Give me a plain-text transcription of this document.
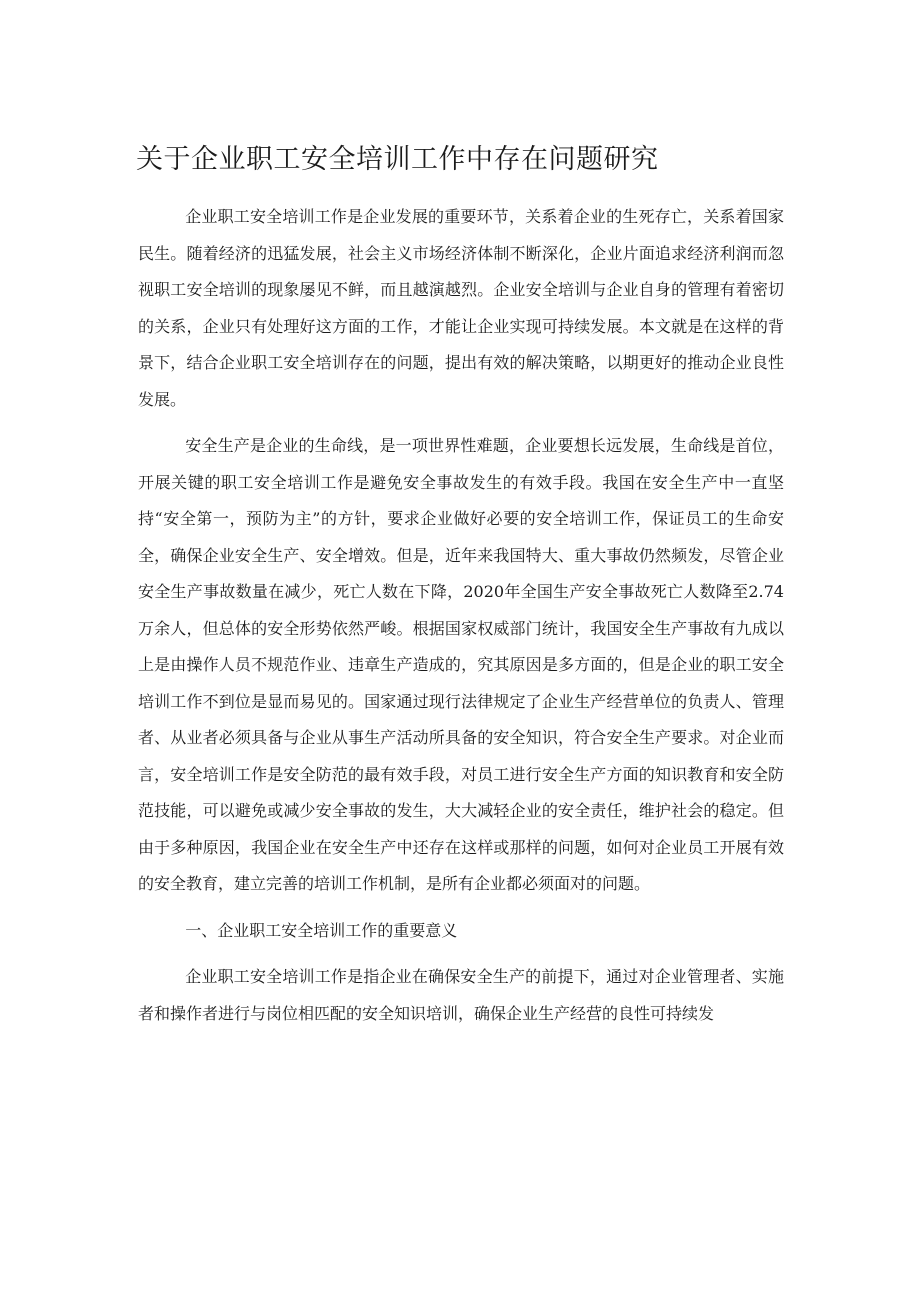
关于企业职工安全培训工作中存在问题研究

企业职工安全培训工作是企业发展的重要环节，关系着企业的生死存亡，关系着国家民生。随着经济的迅猛发展，社会主义市场经济体制不断深化，企业片面追求经济利润而忽视职工安全培训的现象屡见不鲜，而且越演越烈。企业安全培训与企业自身的管理有着密切的关系，企业只有处理好这方面的工作，才能让企业实现可持续发展。本文就是在这样的背景下，结合企业职工安全培训存在的问题，提出有效的解决策略，以期更好的推动企业良性发展。

安全生产是企业的生命线，是一项世界性难题，企业要想长远发展，生命线是首位，开展关键的职工安全培训工作是避免安全事故发生的有效手段。我国在安全生产中一直坚持“安全第一，预防为主”的方针，要求企业做好必要的安全培训工作，保证员工的生命安全，确保企业安全生产、安全增效。但是，近年来我国特大、重大事故仍然频发，尽管企业安全生产事故数量在减少，死亡人数在下降，2020年全国生产安全事故死亡人数降至2.74万余人，但总体的安全形势依然严峻。根据国家权威部门统计，我国安全生产事故有九成以上是由操作人员不规范作业、违章生产造成的，究其原因是多方面的，但是企业的职工安全培训工作不到位是显而易见的。国家通过现行法律规定了企业生产经营单位的负责人、管理者、从业者必须具备与企业从事生产活动所具备的安全知识，符合安全生产要求。对企业而言，安全培训工作是安全防范的最有效手段，对员工进行安全生产方面的知识教育和安全防范技能，可以避免或减少安全事故的发生，大大减轻企业的安全责任，维护社会的稳定。但由于多种原因，我国企业在安全生产中还存在这样或那样的问题，如何对企业员工开展有效的安全教育，建立完善的培训工作机制，是所有企业都必须面对的问题。

一、企业职工安全培训工作的重要意义

企业职工安全培训工作是指企业在确保安全生产的前提下，通过对企业管理者、实施者和操作者进行与岗位相匹配的安全知识培训，确保企业生产经营的良性可持续发
